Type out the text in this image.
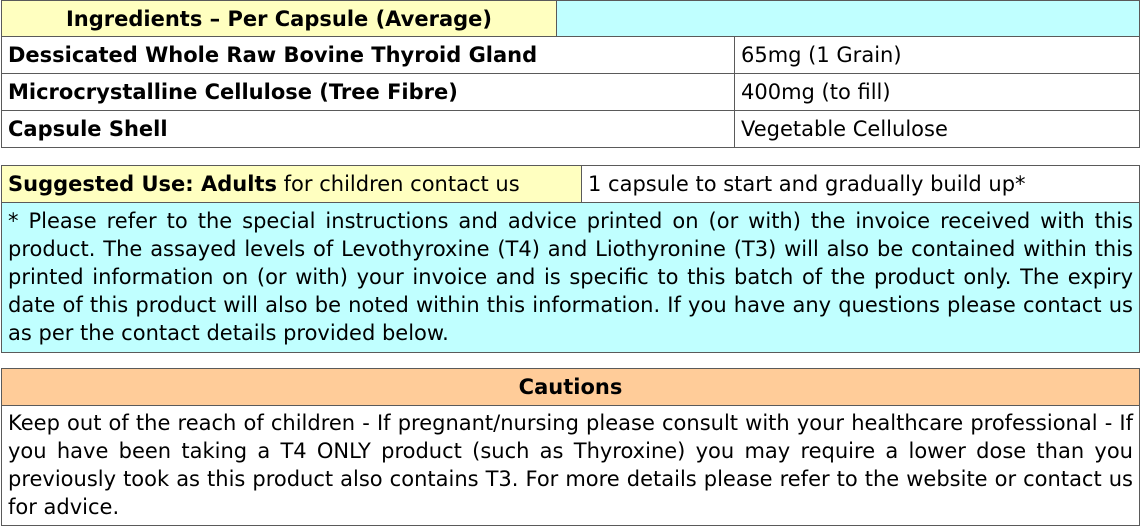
Ingredients – Per Capsule (Average)		
Dessicated Whole Raw Bovine Thyroid Gland		65mg (1 Grain)
Microcrystalline Cellulose (Tree Fibre)		400mg (to fill)
Capsule Shell		Vegetable Cellulose
Suggested Use: Adults for children contact us	1 capsule to start and gradually build up*
* Please refer to the special instructions and advice printed on (or with) the invoice received with this product. The assayed levels of Levothyroxine (T4) and Liothyronine (T3) will also be contained within this printed information on (or with) your invoice and is specific to this batch of the product only. The expiry date of this product will also be noted within this information. If you have any questions please contact us as per the contact details provided below.
Cautions
Keep out of the reach of children - If pregnant/nursing please consult with your healthcare professional - If you have been taking a T4 ONLY product (such as Thyroxine) you may require a lower dose than you previously took as this product also contains T3. For more details please refer to the website or contact us for advice.
